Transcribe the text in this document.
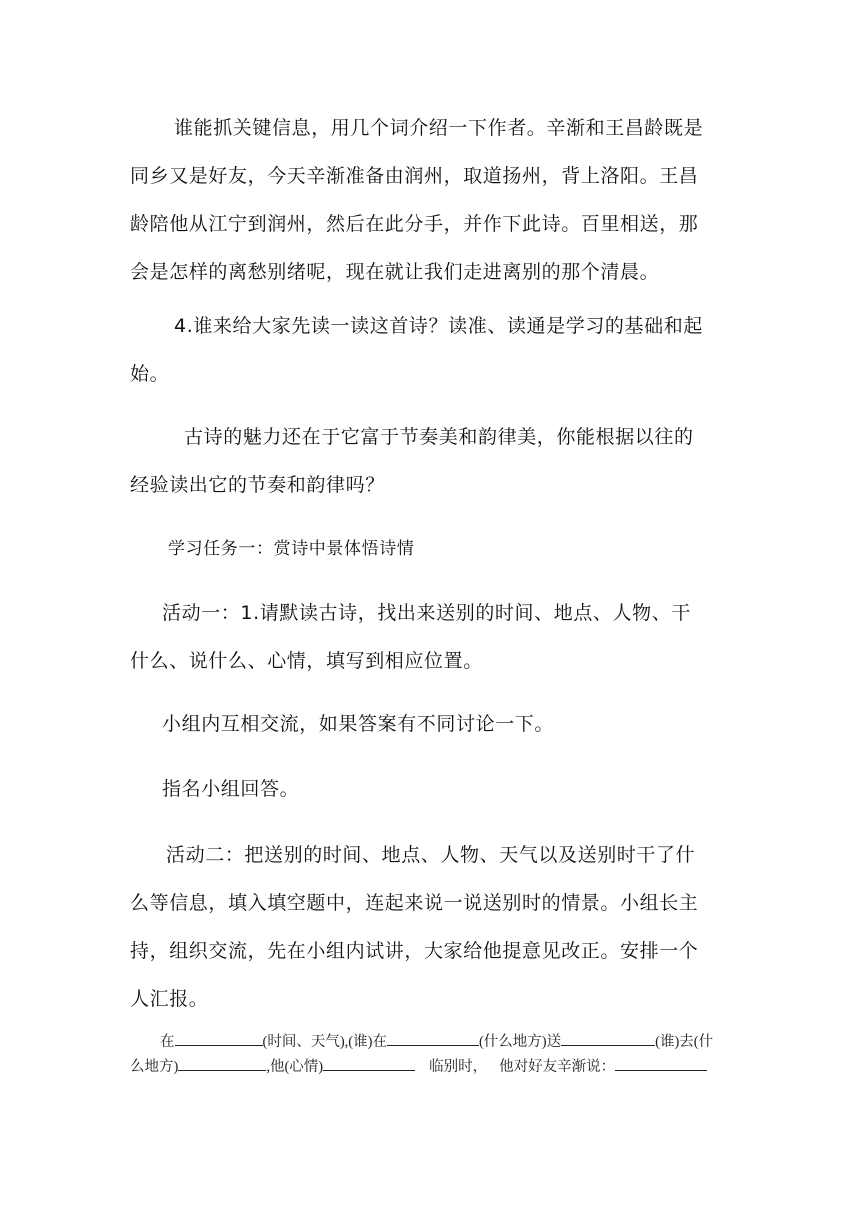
谁能抓关键信息，用几个词介绍一下作者。辛渐和王昌龄既是
同乡又是好友，今天辛渐准备由润州，取道扬州，背上洛阳。王昌
龄陪他从江宁到润州，然后在此分手，并作下此诗。百里相送，那
会是怎样的离愁别绪呢，现在就让我们走进离别的那个清晨。
4.谁来给大家先读一读这首诗？读准、读通是学习的基础和起
始。
古诗的魅力还在于它富于节奏美和韵律美，你能根据以往的
经验读出它的节奏和韵律吗？
学习任务一：赏诗中景体悟诗情
活动一：1.请默读古诗，找出来送别的时间、地点、人物、干
什么、说什么、心情，填写到相应位置。
小组内互相交流，如果答案有不同讨论一下。
指名小组回答。
活动二：把送别的时间、地点、人物、天气以及送别时干了什
么等信息，填入填空题中，连起来说一说送别时的情景。小组长主
持，组织交流，先在小组内试讲，大家给他提意见改正。安排一个
人汇报。
在	(时间、天气),(谁)在	(什么地方)送	(谁)去(什
么地方)	,他(心情)	临别时， 他对好友辛渐说：
